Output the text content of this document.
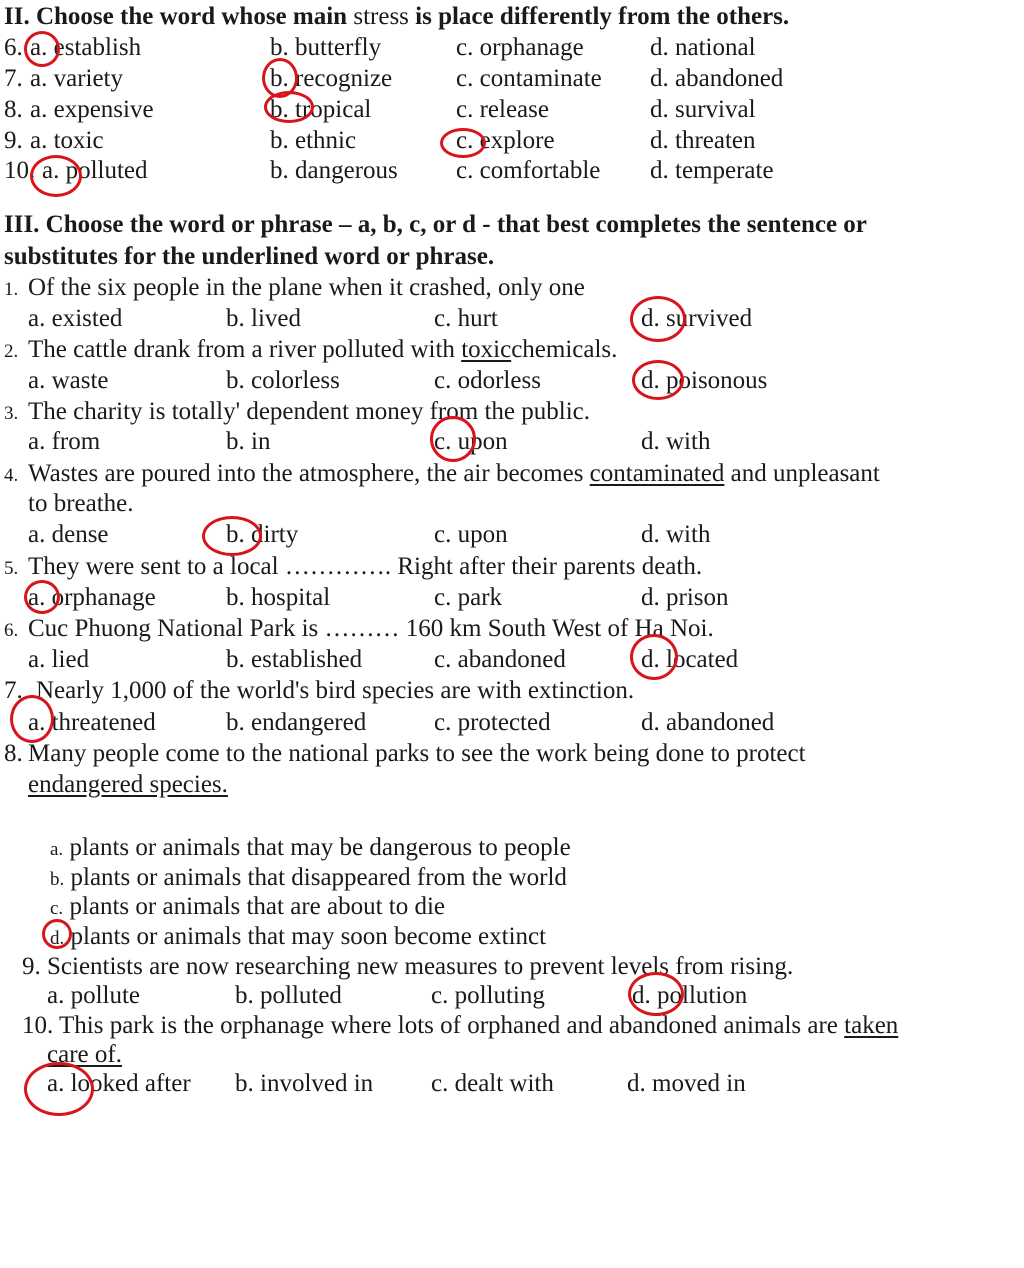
II. Choose the word whose main stress is place differently from the others.
6. a. establish	b. butterfly	c. orphanage	d. national
7. a. variety	b. recognize	c. contaminate d. abandoned
8. a. expensive	b. tropical	c. release	d. survival
9. a. toxic	b. ethnic	c. explore	d. threaten
10. a. polluted	b. dangerous c. comfortable d. temperate
III. Choose the word or phrase – a, b, c, or d - that best completes the sentence or
substitutes for the underlined word or phrase.
1. Of the six people in the plane when it crashed, only one
a. existed	b. lived	c. hurt	d. survived
2. The cattle drank from a river polluted with toxicchemicals.
a. waste	b. colorless	c. odorless	d. poisonous
3. The charity is totally' dependent money from the public.
a. from	b. in	c. upon	d. with
4. Wastes are poured into the atmosphere, the air becomes contaminated and unpleasant
to breathe.
a. dense	b. dirty	c. upon	d. with
5. They were sent to a local …………. Right after their parents death.
a. orphanage	b. hospital	c. park	d. prison
6. Cuc Phuong National Park is ……… 160 km South West of Ha Noi.
a. lied	b. established	c. abandoned	d. located
7. Nearly 1,000 of the world's bird species are with extinction.
a. threatened	b. endangered	c. protected	d. abandoned
8. Many people come to the national parks to see the work being done to protect
endangered species.
a. plants or animals that may be dangerous to people
b. plants or animals that disappeared from the world
c. plants or animals that are about to die
d. plants or animals that may soon become extinct
9. Scientists are now researching new measures to prevent levels from rising.
a. pollute	b. polluted	c. polluting	d. pollution
10. This park is the orphanage where lots of orphaned and abandoned animals are taken
care of.
a. looked after b. involved in c. dealt with	d. moved in
